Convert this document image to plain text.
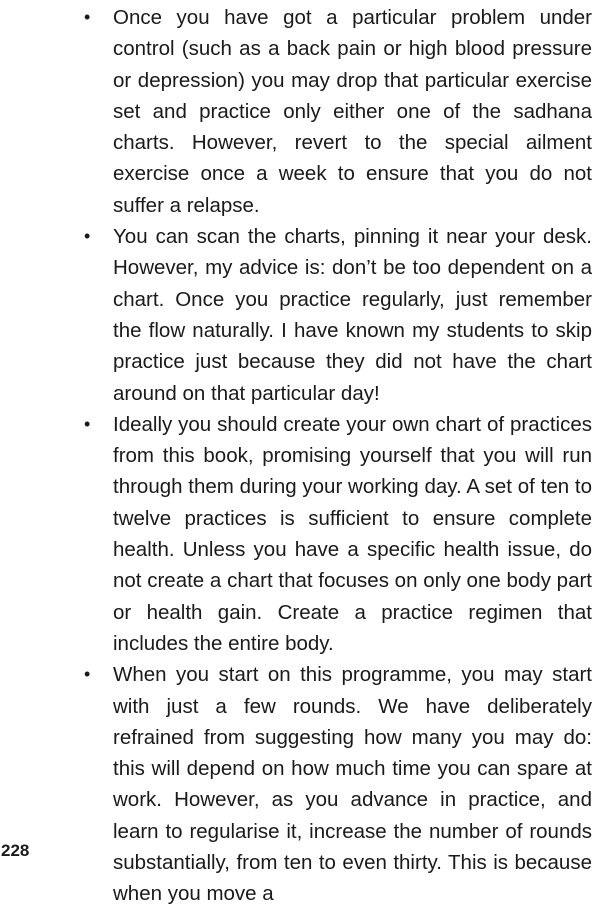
• Once you have got a particular problem under control (such as a back pain or high blood pressure or depression) you may drop that particular exercise set and practice only either one of the sadhana charts. However, revert to the special ailment exercise once a week to ensure that you do not suffer a relapse.
• You can scan the charts, pinning it near your desk. However, my advice is: don’t be too dependent on a chart. Once you practice regularly, just remember the flow naturally. I have known my students to skip practice just because they did not have the chart around on that particular day!
• Ideally you should create your own chart of practices from this book, promising yourself that you will run through them during your working day. A set of ten to twelve practices is sufficient to ensure complete health. Unless you have a specific health issue, do not create a chart that focuses on only one body part or health gain. Create a practice regimen that includes the entire body.
• When you start on this programme, you may start with just a few rounds. We have deliberately refrained from suggesting how many you may do: this will depend on how much time you can spare at work. However, as you advance in practice, and learn to regularise it, increase the number of rounds substantially, from ten to even thirty. This is because when you move a
228
